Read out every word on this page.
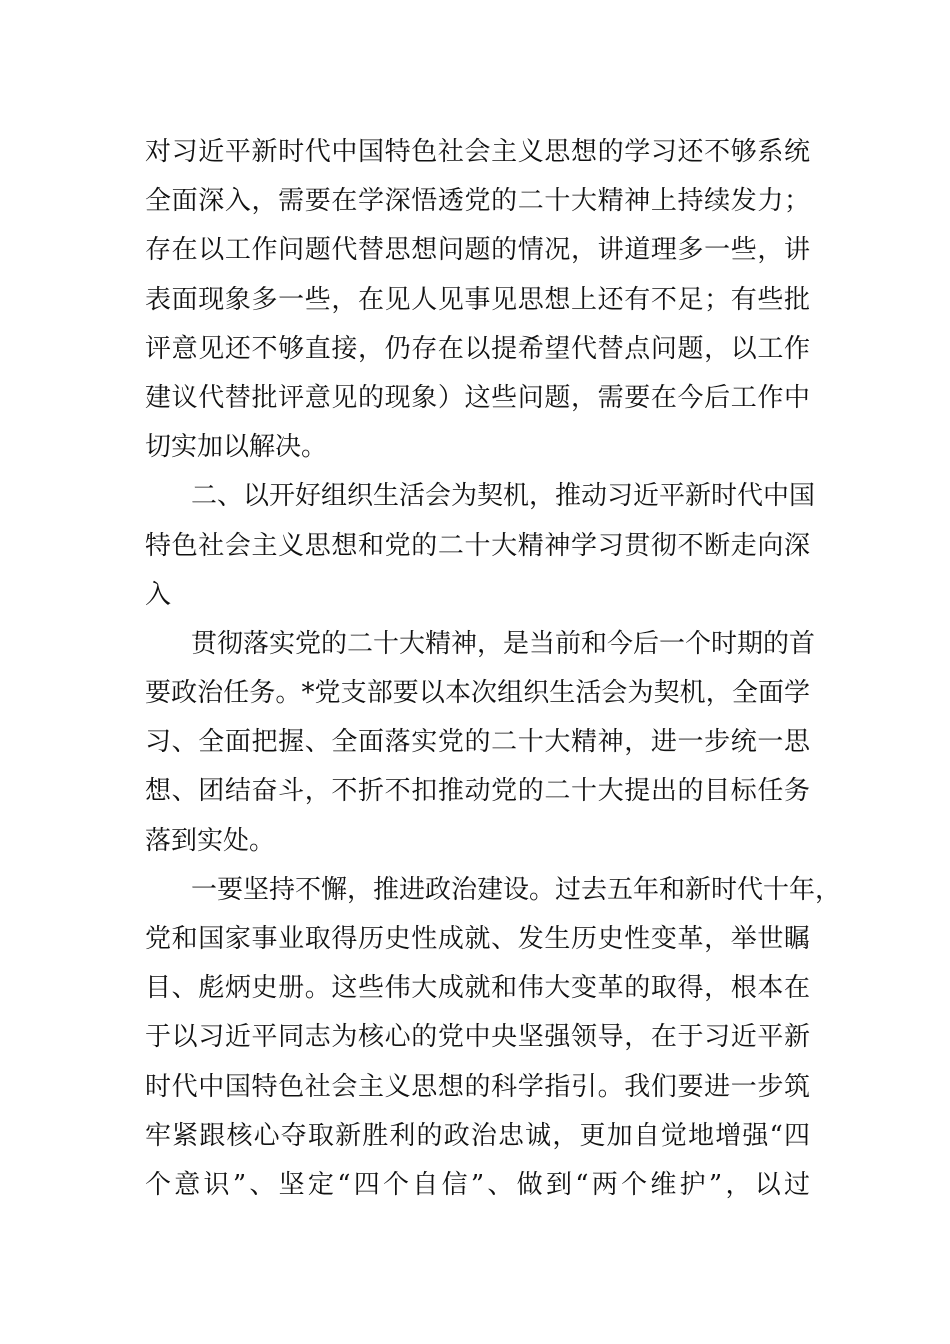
对习近平新时代中国特色社会主义思想的学习还不够系统
全面深入，需要在学深悟透党的二十大精神上持续发力；
存在以工作问题代替思想问题的情况，讲道理多一些，讲
表面现象多一些，在见人见事见思想上还有不足；有些批
评意见还不够直接，仍存在以提希望代替点问题，以工作
建议代替批评意见的现象）这些问题，需要在今后工作中
切实加以解决。
二、以开好组织生活会为契机，推动习近平新时代中国
特色社会主义思想和党的二十大精神学习贯彻不断走向深
入
贯彻落实党的二十大精神，是当前和今后一个时期的首
要政治任务。*党支部要以本次组织生活会为契机，全面学
习、全面把握、全面落实党的二十大精神，进一步统一思
想、团结奋斗，不折不扣推动党的二十大提出的目标任务
落到实处。
一要坚持不懈，推进政治建设。过去五年和新时代十年，
党和国家事业取得历史性成就、发生历史性变革，举世瞩
目、彪炳史册。这些伟大成就和伟大变革的取得，根本在
于以习近平同志为核心的党中央坚强领导，在于习近平新
时代中国特色社会主义思想的科学指引。我们要进一步筑
牢紧跟核心夺取新胜利的政治忠诚，更加自觉地增强“四
个意识”、坚定“四个自信”、做到“两个维护”，以过
